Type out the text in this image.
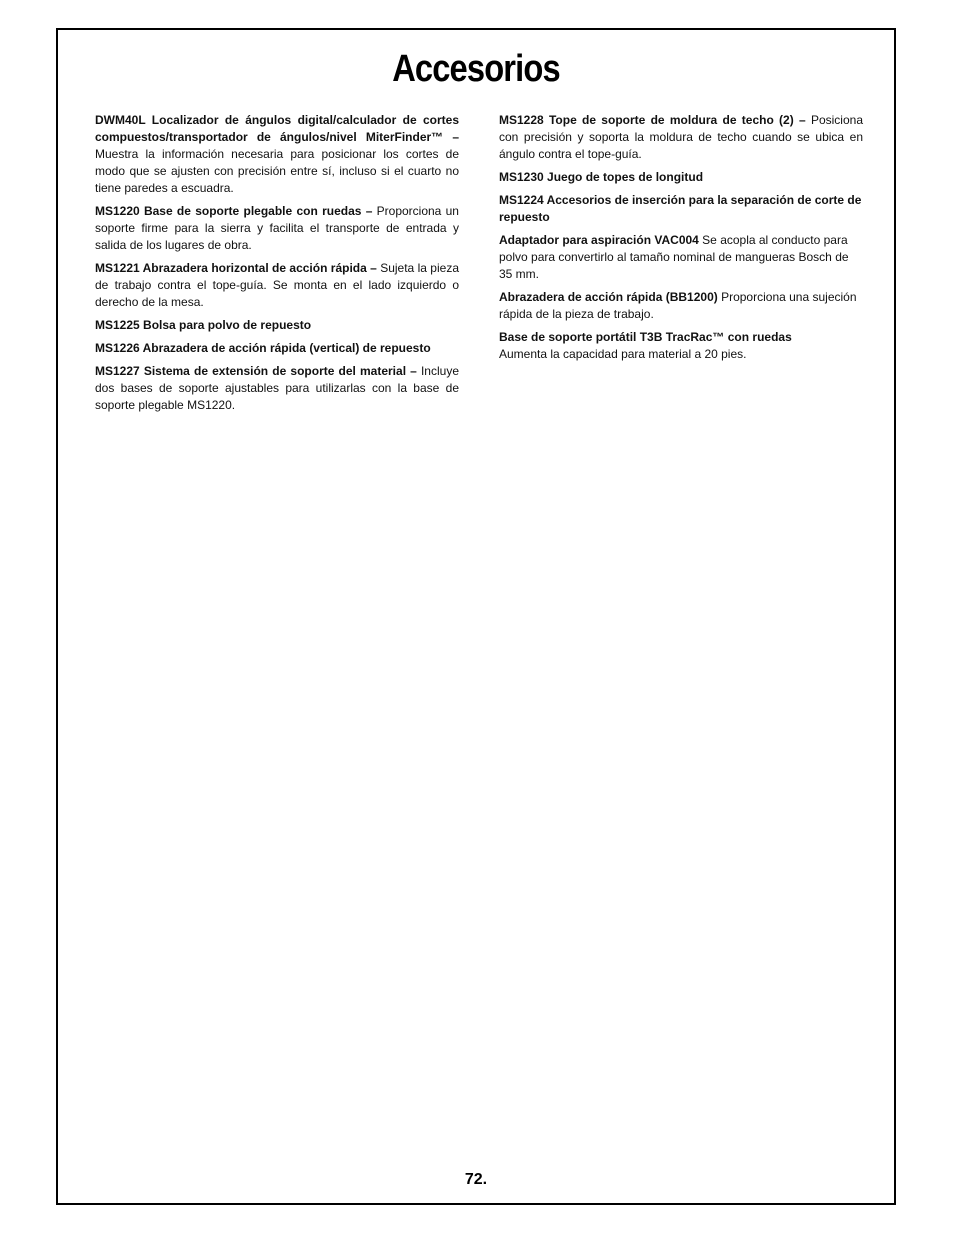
Accesorios

DWM40L Localizador de ángulos digital/calculador de cortes compuestos/transportador de ángulos/nivel MiterFinder™ – Muestra la información necesaria para posicionar los cortes de modo que se ajusten con precisión entre sí, incluso si el cuarto no tiene paredes a escuadra.

MS1220 Base de soporte plegable con ruedas – Proporciona un soporte firme para la sierra y facilita el transporte de entrada y salida de los lugares de obra.

MS1221 Abrazadera horizontal de acción rápida – Sujeta la pieza de trabajo contra el tope-guía. Se monta en el lado izquierdo o derecho de la mesa.

MS1225 Bolsa para polvo de repuesto

MS1226 Abrazadera de acción rápida (vertical) de repuesto

MS1227 Sistema de extensión de soporte del material – Incluye dos bases de soporte ajustables para utilizarlas con la base de soporte plegable MS1220.

MS1228 Tope de soporte de moldura de techo (2) – Posiciona con precisión y soporta la moldura de techo cuando se ubica en ángulo contra el tope-guía.

MS1230 Juego de topes de longitud

MS1224 Accesorios de inserción para la separación de corte de repuesto

Adaptador para aspiración VAC004 Se acopla al conducto para polvo para convertirlo al tamaño nominal de mangueras Bosch de 35 mm.

Abrazadera de acción rápida (BB1200) Proporciona una sujeción rápida de la pieza de trabajo.

Base de soporte portátil T3B TracRac™ con ruedas
Aumenta la capacidad para material a 20 pies.

72.
